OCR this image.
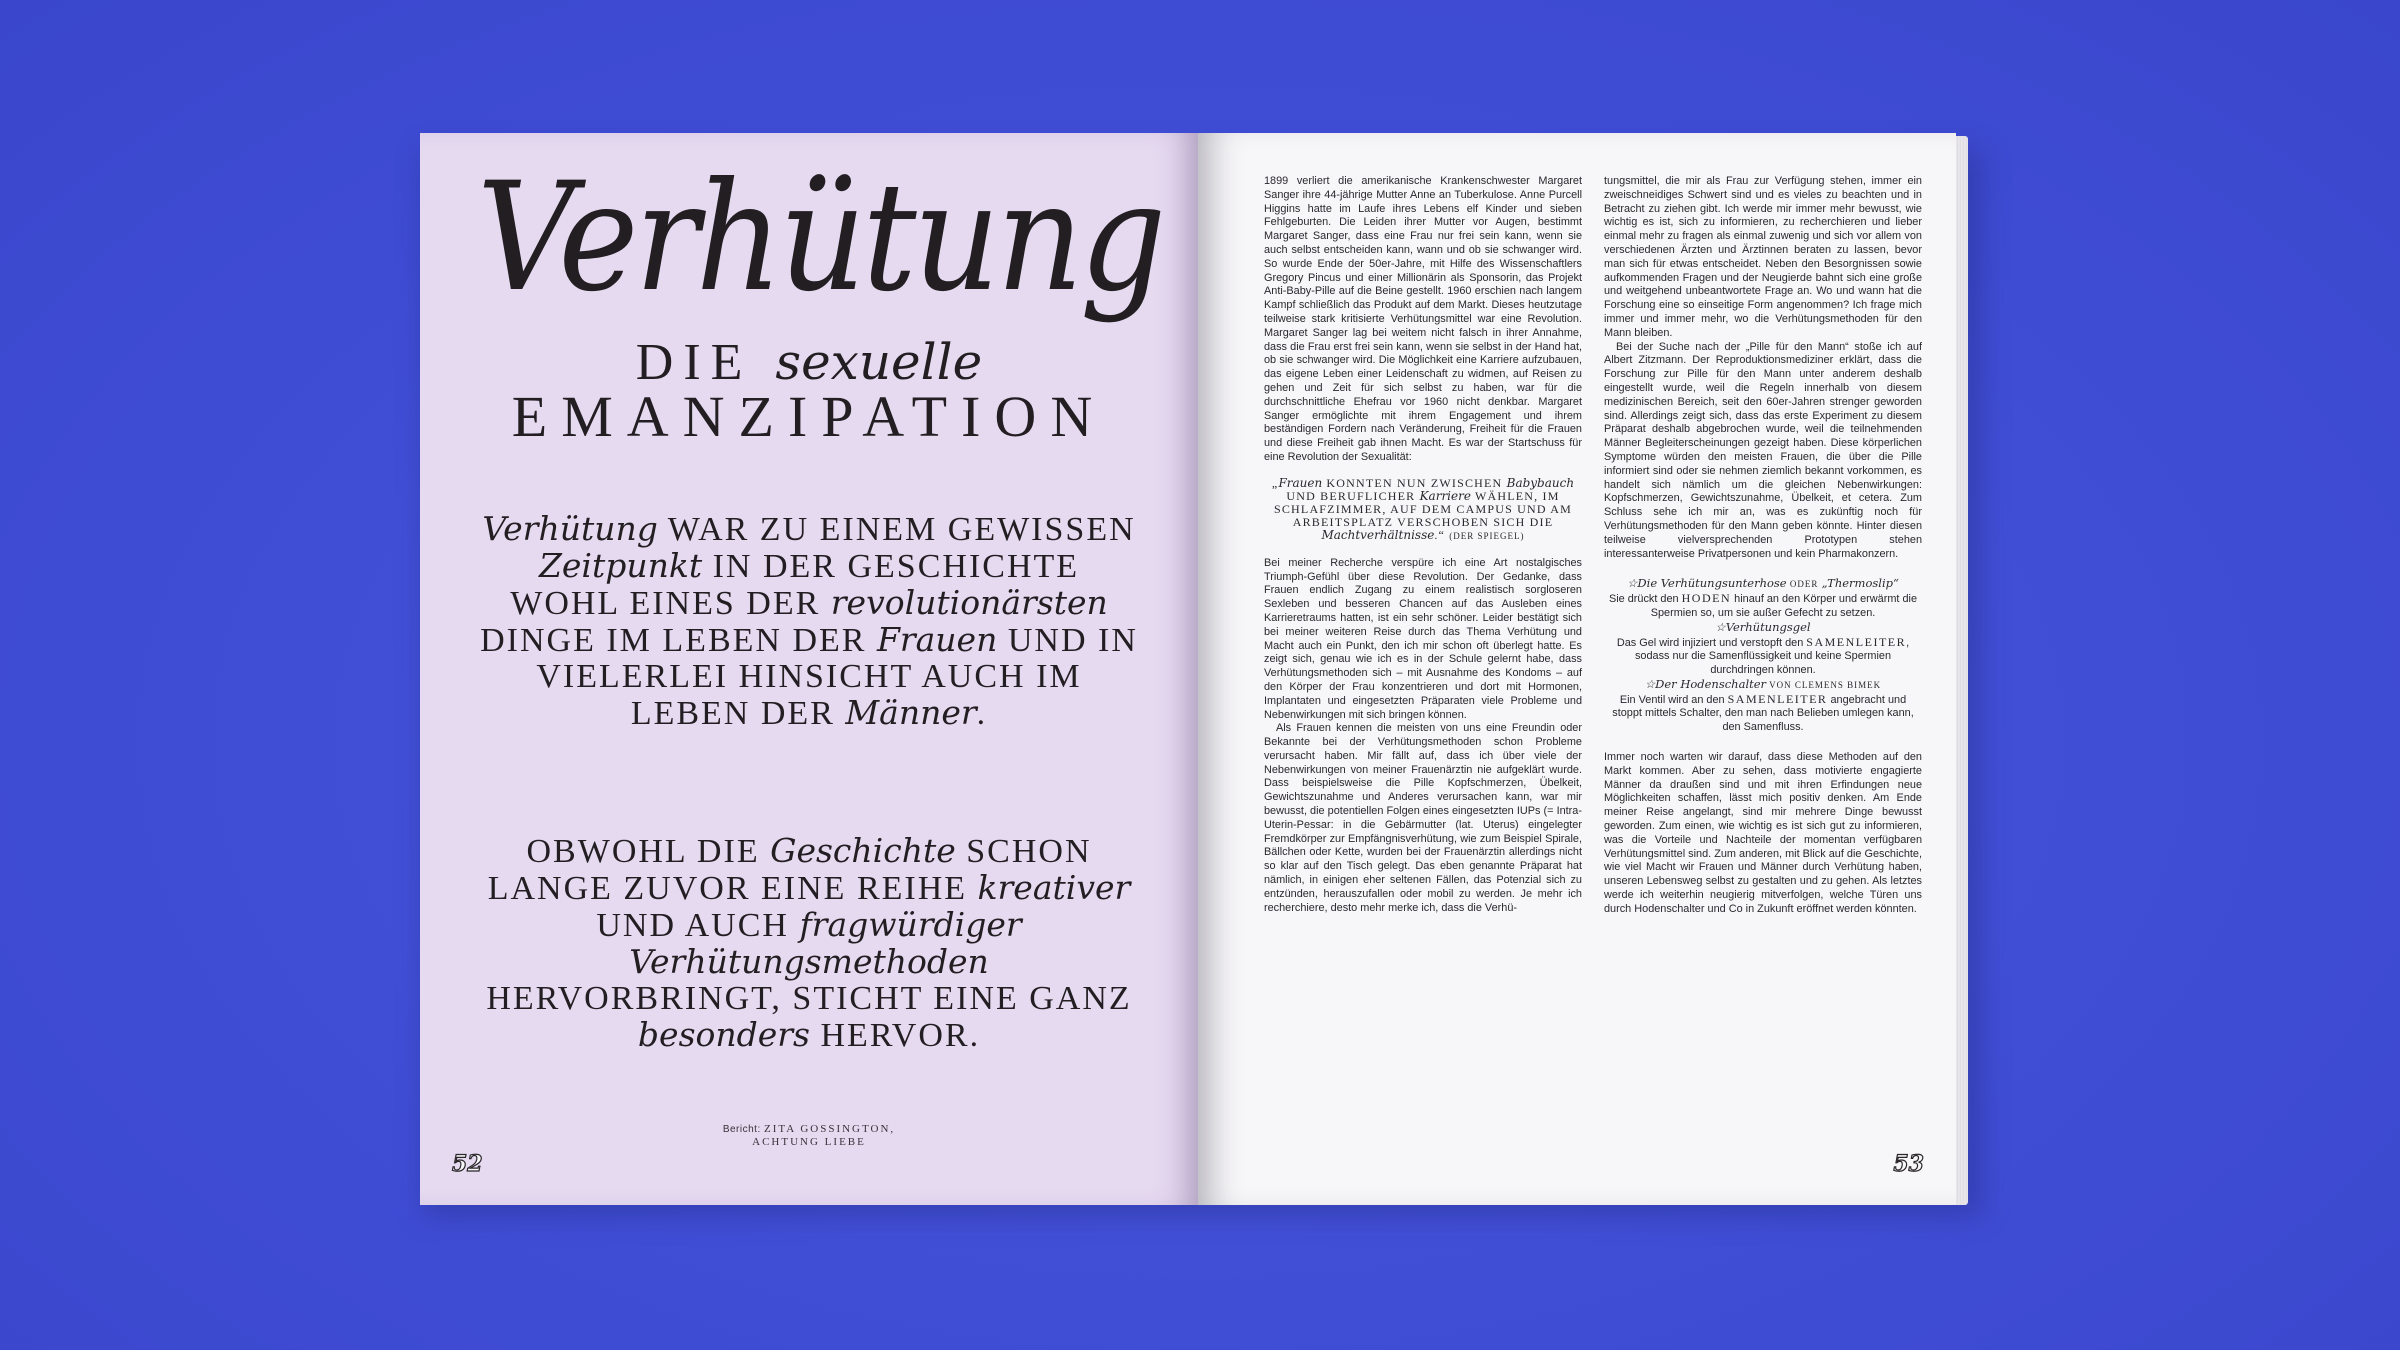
Verhütung
DIE sexuelle
EMANZIPATION
Verhütung WAR ZU EINEM GEWISSEN Zeitpunkt IN DER GESCHICHTE WOHL EINES DER revolutionärsten DINGE IM LEBEN DER Frauen UND IN VIELERLEI HINSICHT AUCH IM LEBEN DER Männer.
OBWOHL DIE Geschichte SCHON LANGE ZUVOR EINE REIHE kreativer UND AUCH fragwürdiger Verhütungsmethoden HERVORBRINGT, STICHT EINE GANZ besonders HERVOR.
Bericht: ZITA GOSSINGTON,
ACHTUNG LIEBE
52

1899 verliert die amerikanische Krankenschwester Margaret Sanger ihre 44-jährige Mutter Anne an Tuberkulose. Anne Purcell Higgins hatte im Laufe ihres Lebens elf Kinder und sieben Fehlgeburten. Die Leiden ihrer Mutter vor Augen, bestimmt Margaret Sanger, dass eine Frau nur frei sein kann, wenn sie auch selbst entscheiden kann, wann und ob sie schwanger wird. So wurde Ende der 50er-Jahre, mit Hilfe des Wissenschaftlers Gregory Pincus und einer Millionärin als Sponsorin, das Projekt Anti-Baby-Pille auf die Beine gestellt. 1960 erschien nach langem Kampf schließlich das Produkt auf dem Markt. Dieses heutzutage teilweise stark kritisierte Verhütungsmittel war eine Revolution. Margaret Sanger lag bei weitem nicht falsch in ihrer Annahme, dass die Frau erst frei sein kann, wenn sie selbst in der Hand hat, ob sie schwanger wird. Die Möglichkeit eine Karriere aufzubauen, das eigene Leben einer Leidenschaft zu widmen, auf Reisen zu gehen und Zeit für sich selbst zu haben, war für die durchschnittliche Ehefrau vor 1960 nicht denkbar. Margaret Sanger ermöglichte mit ihrem Engagement und ihrem beständigen Fordern nach Veränderung, Freiheit für die Frauen und diese Freiheit gab ihnen Macht. Es war der Startschuss für eine Revolution der Sexualität:

„Frauen KONNTEN NUN ZWISCHEN Babybauch UND BERUFLICHER Karriere WÄHLEN, IM SCHLAFZIMMER, AUF DEM CAMPUS UND AM ARBEITSPLATZ VERSCHOBEN SICH DIE Machtverhältnisse.“ (DER SPIEGEL)

Bei meiner Recherche verspüre ich eine Art nostalgisches Triumph-Gefühl über diese Revolution. Der Gedanke, dass Frauen endlich Zugang zu einem realistisch sorgloseren Sexleben und besseren Chancen auf das Ausleben eines Karrieretraums hatten, ist ein sehr schöner. Leider bestätigt sich bei meiner weiteren Reise durch das Thema Verhütung und Macht auch ein Punkt, den ich mir schon oft überlegt hatte. Es zeigt sich, genau wie ich es in der Schule gelernt habe, dass Verhütungsmethoden sich – mit Ausnahme des Kondoms – auf den Körper der Frau konzentrieren und dort mit Hormonen, Implantaten und eingesetzten Präparaten viele Probleme und Nebenwirkungen mit sich bringen können.

Als Frauen kennen die meisten von uns eine Freundin oder Bekannte bei der Verhütungsmethoden schon Probleme verursacht haben. Mir fällt auf, dass ich über viele der Nebenwirkungen von meiner Frauenärztin nie aufgeklärt wurde. Dass beispielsweise die Pille Kopfschmerzen, Übelkeit, Gewichtszunahme und Anderes verursachen kann, war mir bewusst, die potentiellen Folgen eines eingesetzten IUPs (= Intra-Uterin-Pessar: in die Gebärmutter (lat. Uterus) eingelegter Fremdkörper zur Empfängnisverhütung, wie zum Beispiel Spirale, Bällchen oder Kette, wurden bei der Frauenärztin allerdings nicht so klar auf den Tisch gelegt. Das eben genannte Präparat hat nämlich, in einigen eher seltenen Fällen, das Potenzial sich zu entzünden, herauszufallen oder mobil zu werden. Je mehr ich recherchiere, desto mehr merke ich, dass die Verhü-

tungsmittel, die mir als Frau zur Verfügung stehen, immer ein zweischneidiges Schwert sind und es vieles zu beachten und in Betracht zu ziehen gibt. Ich werde mir immer mehr bewusst, wie wichtig es ist, sich zu informieren, zu recherchieren und lieber einmal mehr zu fragen als einmal zuwenig und sich vor allem von verschiedenen Ärzten und Ärztinnen beraten zu lassen, bevor man sich für etwas entscheidet. Neben den Besorgnissen sowie aufkommenden Fragen und der Neugierde bahnt sich eine große und weitgehend unbeantwortete Frage an. Wo und wann hat die Forschung eine so einseitige Form angenommen? Ich frage mich immer und immer mehr, wo die Verhütungsmethoden für den Mann bleiben.

Bei der Suche nach der „Pille für den Mann“ stoße ich auf Albert Zitzmann. Der Reproduktionsmediziner erklärt, dass die Forschung zur Pille für den Mann unter anderem deshalb eingestellt wurde, weil die Regeln innerhalb von diesem medizinischen Bereich, seit den 60er-Jahren strenger geworden sind. Allerdings zeigt sich, dass das erste Experiment zu diesem Präparat deshalb abgebrochen wurde, weil die teilnehmenden Männer Begleiterscheinungen gezeigt haben. Diese körperlichen Symptome würden den meisten Frauen, die über die Pille informiert sind oder sie nehmen ziemlich bekannt vorkommen, es handelt sich nämlich um die gleichen Nebenwirkungen: Kopfschmerzen, Gewichtszunahme, Übelkeit, et cetera. Zum Schluss sehe ich mir an, was es zukünftig noch für Verhütungsmethoden für den Mann geben könnte. Hinter diesen teilweise vielversprechenden Prototypen stehen interessanterweise Privatpersonen und kein Pharmakonzern.

☆Die Verhütungsunterhose ODER „Thermoslip“

Sie drückt den HODEN hinauf an den Körper und erwärmt die Spermien so, um sie außer Gefecht zu setzen.

☆Verhütungsgel

Das Gel wird injiziert und verstopft den SAMENLEITER, sodass nur die Samenflüssigkeit und keine Spermien durchdringen können.

☆Der Hodenschalter VON CLEMENS BIMEK

Ein Ventil wird an den SAMENLEITER angebracht und stoppt mittels Schalter, den man nach Belieben umlegen kann, den Samenfluss.

Immer noch warten wir darauf, dass diese Methoden auf den Markt kommen. Aber zu sehen, dass motivierte engagierte Männer da draußen sind und mit ihren Erfindungen neue Möglichkeiten schaffen, lässt mich positiv denken. Am Ende meiner Reise angelangt, sind mir mehrere Dinge bewusst geworden. Zum einen, wie wichtig es ist sich gut zu informieren, was die Vorteile und Nachteile der momentan verfügbaren Verhütungsmittel sind. Zum anderen, mit Blick auf die Geschichte, wie viel Macht wir Frauen und Männer durch Verhütung haben, unseren Lebensweg selbst zu gestalten und zu gehen. Als letztes werde ich weiterhin neugierig mitverfolgen, welche Türen uns durch Hodenschalter und Co in Zukunft eröffnet werden könnten.

53
